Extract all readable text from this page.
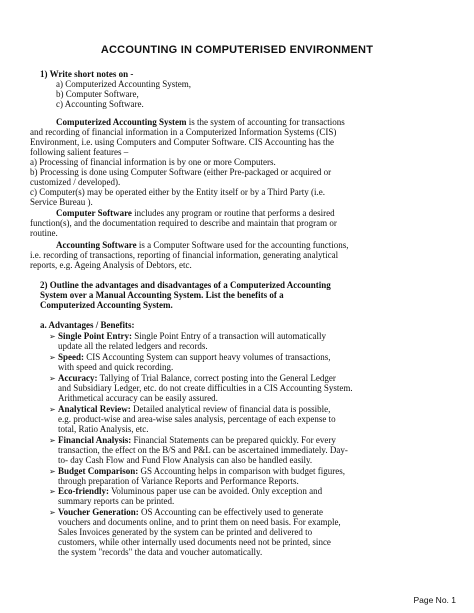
ACCOUNTING IN COMPUTERISED ENVIRONMENT
1) Write short notes on -
a) Computerized Accounting System,
b) Computer Software,
c) Accounting Software.
Computerized Accounting System is the system of accounting for transactions
and recording of financial information in a Computerized Information Systems (CIS)
Environment, i.e. using Computers and Computer Software. CIS Accounting has the
following salient features –
a) Processing of financial information is by one or more Computers.
b) Processing is done using Computer Software (either Pre-packaged or acquired or
customized / developed).
c) Computer(s) may be operated either by the Entity itself or by a Third Party (i.e.
Service Bureau ).
Computer Software includes any program or routine that performs a desired
function(s), and the documentation required to describe and maintain that program or
routine.
Accounting Software is a Computer Software used for the accounting functions,
i.e. recording of transactions, reporting of financial information, generating analytical
reports, e.g. Ageing Analysis of Debtors, etc.
2) Outline the advantages and disadvantages of a Computerized Accounting
System over a Manual Accounting System. List the benefits of a
Computerized Accounting System.
a. Advantages / Benefits:
➢ Single Point Entry: Single Point Entry of a transaction will automatically
update all the related ledgers and records.
➢ Speed: CIS Accounting System can support heavy volumes of transactions,
with speed and quick recording.
➢ Accuracy: Tallying of Trial Balance, correct posting into the General Ledger
and Subsidiary Ledger, etc. do not create difficulties in a CIS Accounting System.
Arithmetical accuracy can be easily assured.
➢ Analytical Review: Detailed analytical review of financial data is possible,
e.g. product-wise and area-wise sales analysis, percentage of each expense to
total, Ratio Analysis, etc.
➢ Financial Analysis: Financial Statements can be prepared quickly. For every
transaction, the effect on the B/S and P&L can be ascertained immediately. Day-
to- day Cash Flow and Fund Flow Analysis can also be handled easily.
➢ Budget Comparison: GS Accounting helps in comparison with budget figures,
through preparation of Variance Reports and Performance Reports.
➢ Eco-friendly: Voluminous paper use can be avoided. Only exception and
summary reports can be printed.
➢ Voucher Generation: OS Accounting can be effectively used to generate
vouchers and documents online, and to print them on need basis. For example,
Sales Invoices generated by the system can be printed and delivered to
customers, while other internally used documents need not be printed, since
the system "records" the data and voucher automatically.
Page No. 1
